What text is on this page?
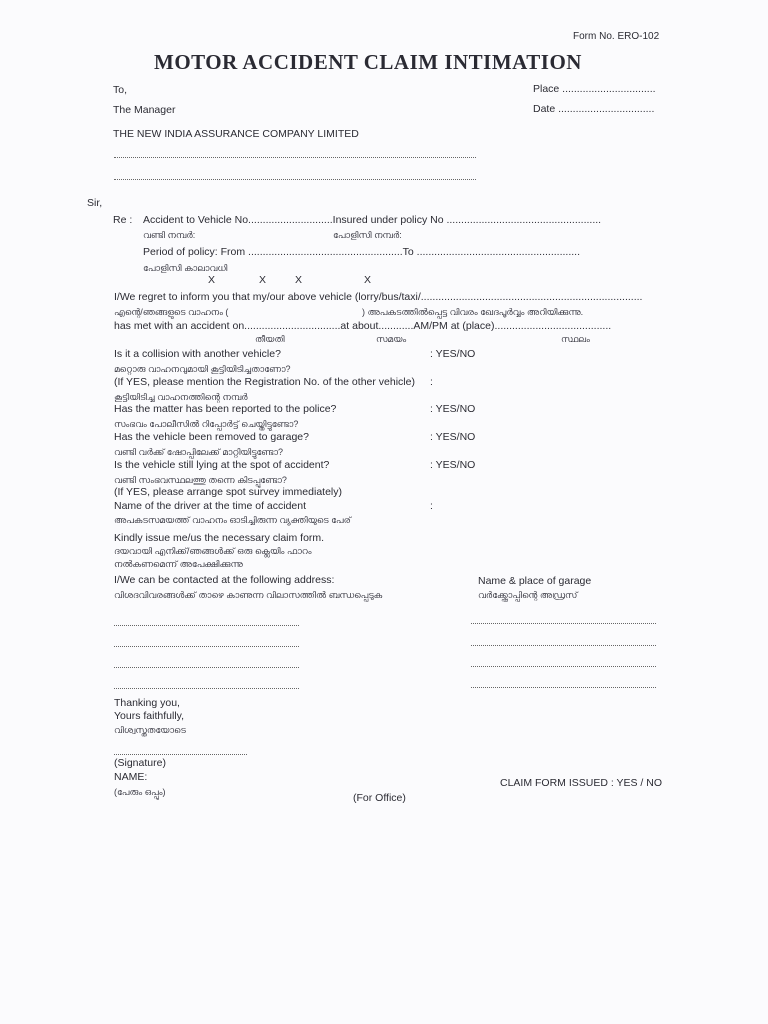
Form No. ERO-102
MOTOR ACCIDENT CLAIM INTIMATION
To,
The Manager
THE NEW INDIA ASSURANCE COMPANY LIMITED
Place ................................
Date .................................
Sir,
Re : Accident to Vehicle No.............................Insured under policy No .....................................................
വണ്ടി നമ്പർ:	പോളിസി നമ്പർ:
Period of policy: From .....................................................To ........................................................
പോളിസി കാലാവധി
X	X	X	X
I/We regret to inform you that my/our above vehicle (lorry/bus/taxi/............................................................................
എന്റെ/ഞങ്ങളുടെ വാഹനം (	) അപകടത്തിൽപ്പെട്ട വിവരം ഖേദപൂർവ്വം അറിയിക്കുന്നു.
has met with an accident on.................................at about............AM/PM at (place)........................................
തീയതി	സമയം	സ്ഥലം
Is it a collision with another vehicle?	: YES/NO
മറ്റൊരു വാഹനവുമായി കൂട്ടിയിടിച്ചതാണോ?
(If YES, please mention the Registration No. of the other vehicle) :
കൂട്ടിയിടിച്ച വാഹനത്തിന്റെ നമ്പർ
Has the matter has been reported to the police?	: YES/NO
സംഭവം പോലീസിൽ റിപ്പോർട്ട് ചെയ്തിട്ടുണ്ടോ?
Has the vehicle been removed to garage?	: YES/NO
വണ്ടി വർക്ക് ഷോപ്പിലേക്ക് മാറ്റിയിട്ടുണ്ടോ?
Is the vehicle still lying at the spot of accident?	: YES/NO
വണ്ടി സംഭവസ്ഥലത്തു തന്നെ കിടപ്പുണ്ടോ?
(If YES, please arrange spot survey immediately)
Name of the driver at the time of accident	:
അപകടസമയത്ത് വാഹനം ഓടിച്ചിരുന്ന വ്യക്തിയുടെ പേര്
Kindly issue me/us the necessary claim form.
ദയവായി എനിക്ക്/ഞങ്ങൾക്ക് ഒരു ക്ലെയിം ഫാറം
നൽകണമെന്ന് അപേക്ഷിക്കുന്നു
I/We can be contacted at the following address:
വിശദവിവരങ്ങൾക്ക് താഴെ കാണുന്ന വിലാസത്തിൽ ബന്ധപ്പെടുക
Name & place of garage
വർക്ക്ഷോപ്പിന്റെ അഡ്രസ്
Thanking you,
Yours faithfully,
വിശ്വസ്തതയോടെ
(Signature)
NAME:
(പേരും ഒപ്പും)	(For Office)
CLAIM FORM ISSUED : YES / NO
